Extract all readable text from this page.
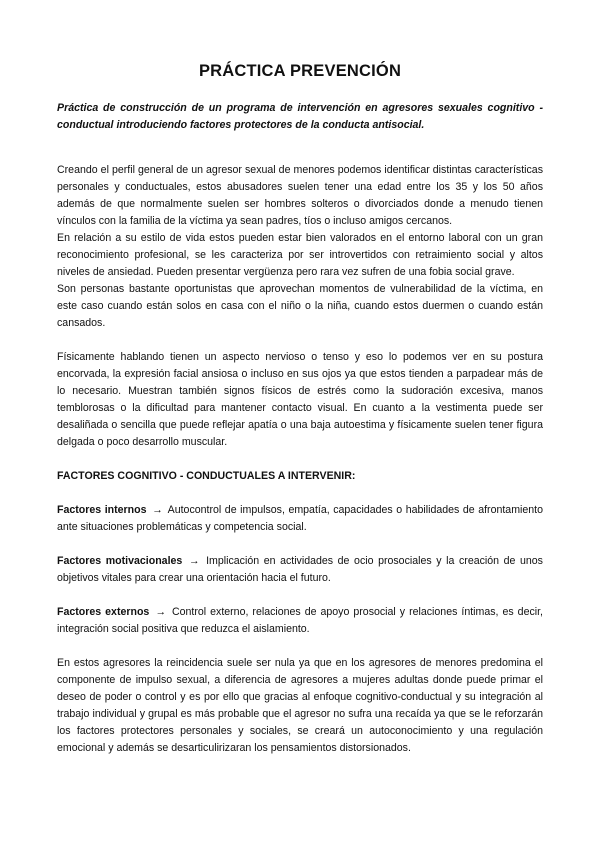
PRÁCTICA PREVENCIÓN

Práctica de construcción de un programa de intervención en agresores sexuales cognitivo - conductual introduciendo factores protectores de la conducta antisocial.

Creando el perfil general de un agresor sexual de menores podemos identificar distintas características personales y conductuales, estos abusadores suelen tener una edad entre los 35 y los 50 años además de que normalmente suelen ser hombres solteros o divorciados donde a menudo tienen vínculos con la familia de la víctima ya sean padres, tíos o incluso amigos cercanos.

En relación a su estilo de vida estos pueden estar bien valorados en el entorno laboral con un gran reconocimiento profesional, se les caracteriza por ser introvertidos con retraimiento social y altos niveles de ansiedad. Pueden presentar vergüenza pero rara vez sufren de una fobia social grave.

Son personas bastante oportunistas que aprovechan momentos de vulnerabilidad de la víctima, en este caso cuando están solos en casa con el niño o la niña, cuando estos duermen o cuando están cansados.

Físicamente hablando tienen un aspecto nervioso o tenso y eso lo podemos ver en su postura encorvada, la expresión facial ansiosa o incluso en sus ojos ya que estos tienden a parpadear más de lo necesario. Muestran también signos físicos de estrés como la sudoración excesiva, manos temblorosas o la dificultad para mantener contacto visual. En cuanto a la vestimenta puede ser desaliñada o sencilla que puede reflejar apatía o una baja autoestima y físicamente suelen tener figura delgada o poco desarrollo muscular.

FACTORES COGNITIVO - CONDUCTUALES A INTERVENIR:

Factores internos → Autocontrol de impulsos, empatía, capacidades o habilidades de afrontamiento ante situaciones problemáticas y competencia social.

Factores motivacionales → Implicación en actividades de ocio prosociales y la creación de unos objetivos vitales para crear una orientación hacia el futuro.

Factores externos → Control externo, relaciones de apoyo prosocial y relaciones íntimas, es decir, integración social positiva que reduzca el aislamiento.

En estos agresores la reincidencia suele ser nula ya que en los agresores de menores predomina el componente de impulso sexual, a diferencia de agresores a mujeres adultas donde puede primar el deseo de poder o control y es por ello que gracias al enfoque cognitivo-conductual y su integración al trabajo individual y grupal es más probable que el agresor no sufra una recaída ya que se le reforzarán los factores protectores personales y sociales, se creará un autoconocimiento y una regulación emocional y además se desarticulirizaran los pensamientos distorsionados.
